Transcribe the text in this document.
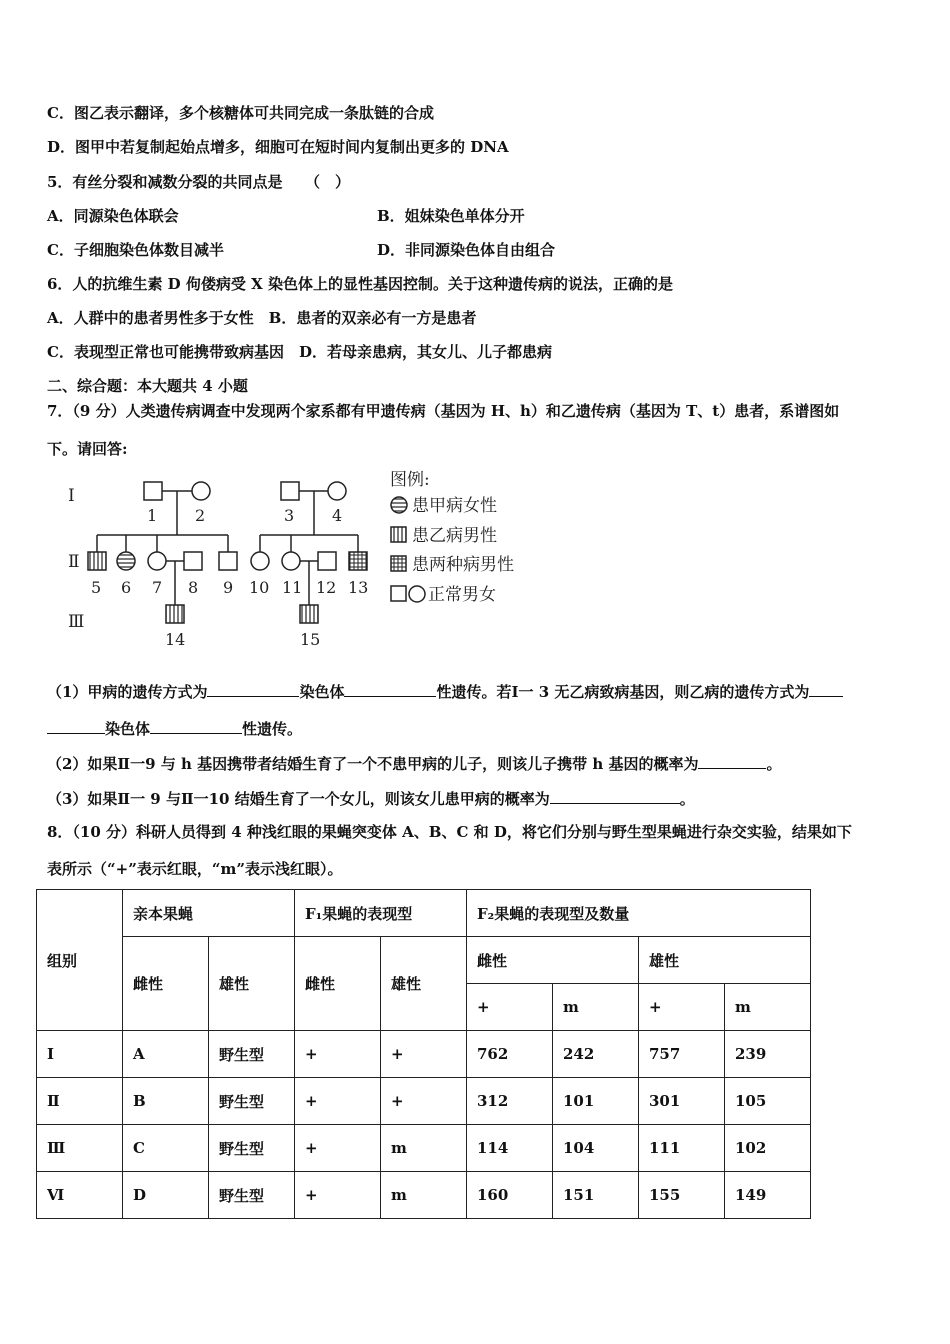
C．图乙表示翻译，多个核糖体可共同完成一条肽链的合成
D．图甲中若复制起始点增多，细胞可在短时间内复制出更多的 DNA
5．有丝分裂和减数分裂的共同点是　　（　）
A．同源染色体联会	B．姐妹染色单体分开
C．子细胞染色体数目减半	D．非同源染色体自由组合
6．人的抗维生素 D 佝偻病受 X 染色体上的显性基因控制。关于这种遗传病的说法，正确的是
A．人群中的患者男性多于女性　B．患者的双亲必有一方是患者
C．表现型正常也可能携带致病基因　D．若母亲患病，其女儿、儿子都患病
二、综合题：本大题共 4 小题
7．（9 分）人类遗传病调查中发现两个家系都有甲遗传病（基因为 H、h）和乙遗传病（基因为 T、t）患者，系谱图如
下。请回答:
Ⅰ
Ⅱ
Ⅲ
1 2	3 4
5 6 7 8 9 10 11 12 13
14	15
图例:
患甲病女性
患乙病男性
患两种病男性
正常男女
（1）甲病的遗传方式为	染色体	性遗传。若Ⅰ一 3 无乙病致病基因，则乙病的遗传方式为
染色体	性遗传。
（2）如果Ⅱ一9 与 h 基因携带者结婚生育了一个不患甲病的儿子，则该儿子携带 h 基因的概率为	。
（3）如果Ⅱ一 9 与Ⅱ一10 结婚生育了一个女儿，则该女儿患甲病的概率为	。
8．（10 分）科研人员得到 4 种浅红眼的果蝇突变体 A、B、C 和 D，将它们分别与野生型果蝇进行杂交实验，结果如下
表所示（“+”表示红眼，“m”表示浅红眼）。
组别	亲本果蝇		F₁果蝇的表现型		F₂果蝇的表现型及数量			
	雌性	雄性	雌性	雄性	雌性		雄性	
					+	m	+	m
Ⅰ	A	野生型	+	+	762	242	757	239
Ⅱ	B	野生型	+	+	312	101	301	105
Ⅲ	C	野生型	+	m	114	104	111	102
Ⅵ	D	野生型	+	m	160	151	155	149
